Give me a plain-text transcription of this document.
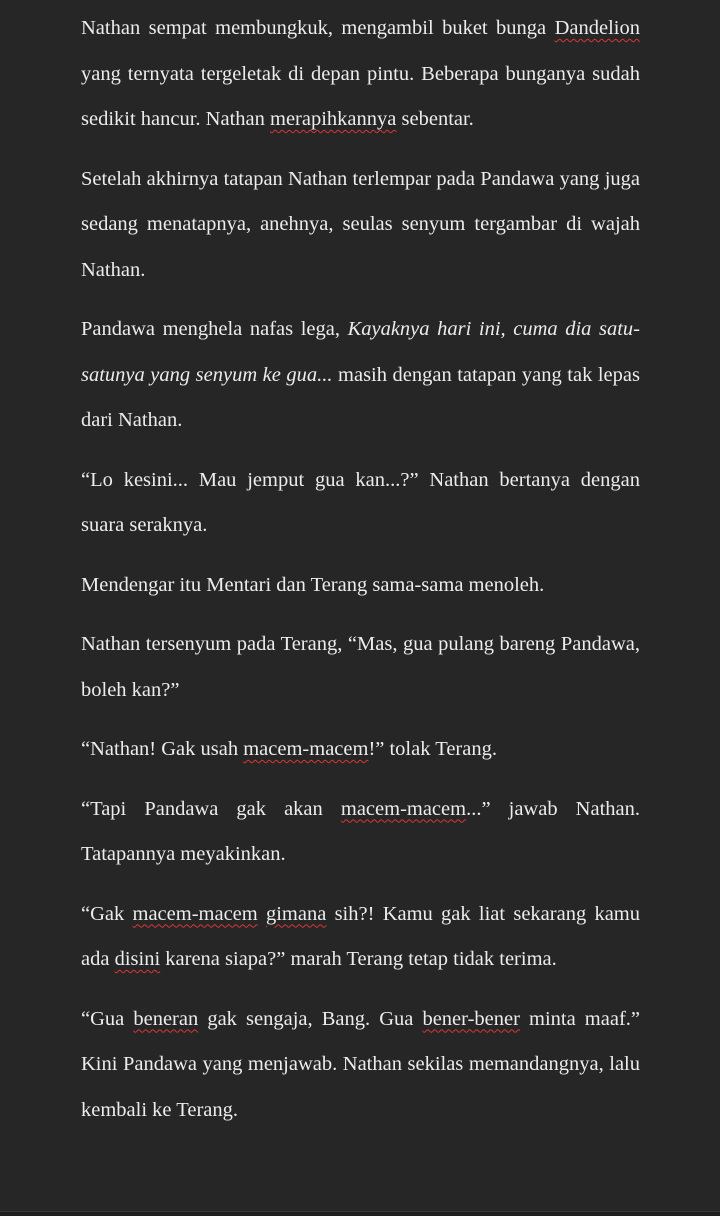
Nathan sempat membungkuk, mengambil buket bunga Dandelion yang ternyata tergeletak di depan pintu. Beberapa bunganya sudah sedikit hancur. Nathan merapihkannya sebentar.

Setelah akhirnya tatapan Nathan terlempar pada Pandawa yang juga sedang menatapnya, anehnya, seulas senyum tergambar di wajah Nathan.

Pandawa menghela nafas lega, Kayaknya hari ini, cuma dia satu-satunya yang senyum ke gua... masih dengan tatapan yang tak lepas dari Nathan.

“Lo kesini... Mau jemput gua kan...?” Nathan bertanya dengan suara seraknya.

Mendengar itu Mentari dan Terang sama-sama menoleh.

Nathan tersenyum pada Terang, “Mas, gua pulang bareng Pandawa, boleh kan?”

“Nathan! Gak usah macem-macem!” tolak Terang.

“Tapi Pandawa gak akan macem-macem...” jawab Nathan. Tatapannya meyakinkan.

“Gak macem-macem gimana sih?! Kamu gak liat sekarang kamu ada disini karena siapa?” marah Terang tetap tidak terima.

“Gua beneran gak sengaja, Bang. Gua bener-bener minta maaf.” Kini Pandawa yang menjawab. Nathan sekilas memandangnya, lalu kembali ke Terang.
